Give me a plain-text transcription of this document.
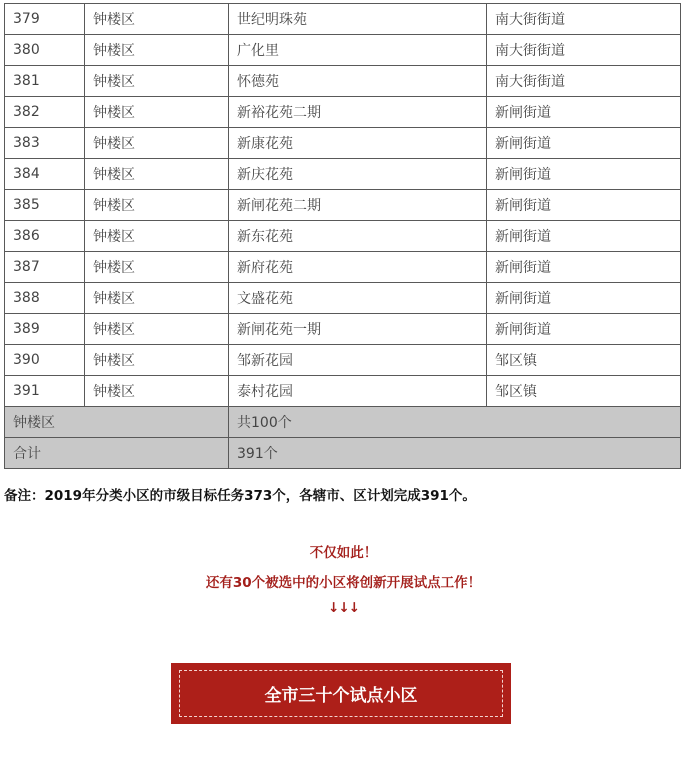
379	钟楼区	世纪明珠苑	南大街街道
380	钟楼区	广化里	南大街街道
381	钟楼区	怀德苑	南大街街道
382	钟楼区	新裕花苑二期	新闸街道
383	钟楼区	新康花苑	新闸街道
384	钟楼区	新庆花苑	新闸街道
385	钟楼区	新闸花苑二期	新闸街道
386	钟楼区	新东花苑	新闸街道
387	钟楼区	新府花苑	新闸街道
388	钟楼区	文盛花苑	新闸街道
389	钟楼区	新闸花苑一期	新闸街道
390	钟楼区	邹新花园	邹区镇
391	钟楼区	泰村花园	邹区镇
钟楼区		共100个	
合计		391个	
备注：2019年分类小区的市级目标任务373个，各辖市、区计划完成391个。
不仅如此！
还有30个被选中的小区将创新开展试点工作！
↓↓↓
全市三十个试点小区
